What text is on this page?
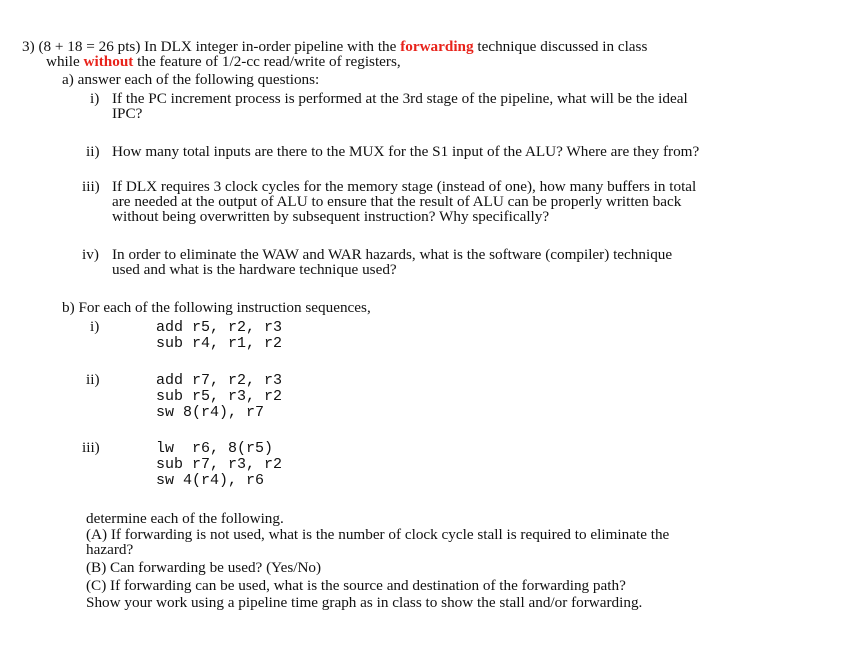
3) (8 + 18 = 26 pts) In DLX integer in-order pipeline with the forwarding technique discussed in class
while without the feature of 1/2-cc read/write of registers,
a) answer each of the following questions:
i) If the PC increment process is performed at the 3rd stage of the pipeline, what will be the ideal
IPC?
ii) How many total inputs are there to the MUX for the S1 input of the ALU? Where are they from?
iii) If DLX requires 3 clock cycles for the memory stage (instead of one), how many buffers in total
are needed at the output of ALU to ensure that the result of ALU can be properly written back
without being overwritten by subsequent instruction? Why specifically?
iv) In order to eliminate the WAW and WAR hazards, what is the software (compiler) technique
used and what is the hardware technique used?
b) For each of the following instruction sequences,
i)	add r5, r2, r3
sub r4, r1, r2
ii)	add r7, r2, r3
sub r5, r3, r2
sw 8(r4), r7
iii)	lw  r6, 8(r5)
sub r7, r3, r2
sw 4(r4), r6
determine each of the following.
(A) If forwarding is not used, what is the number of clock cycle stall is required to eliminate the
hazard?
(B) Can forwarding be used? (Yes/No)
(C) If forwarding can be used, what is the source and destination of the forwarding path?
Show your work using a pipeline time graph as in class to show the stall and/or forwarding.
